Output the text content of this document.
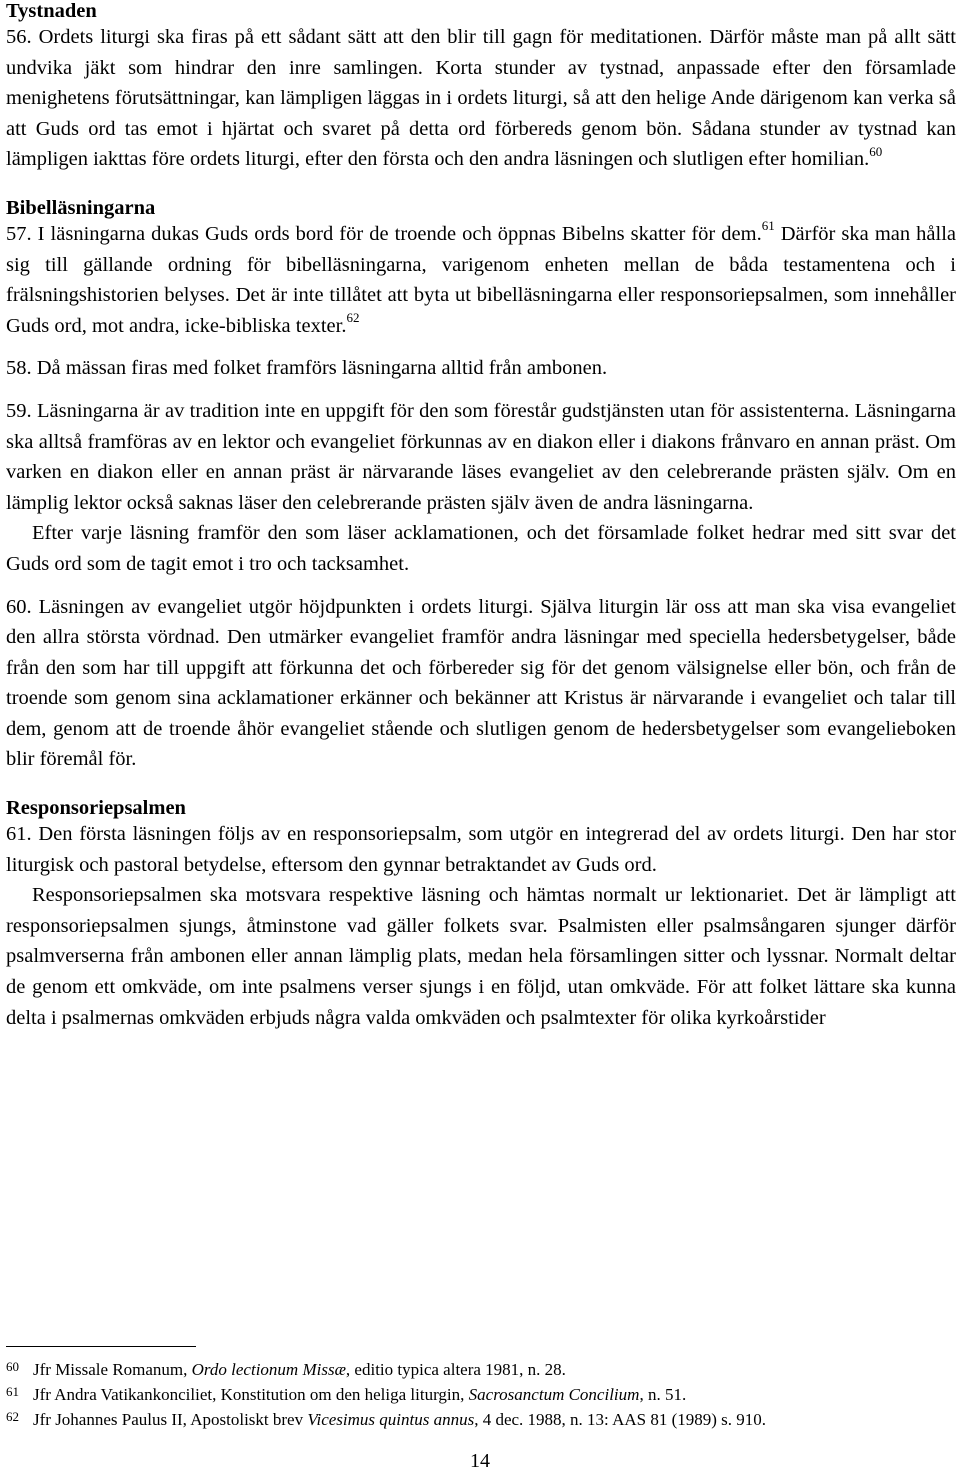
Tystnaden

56. Ordets liturgi ska firas på ett sådant sätt att den blir till gagn för meditationen. Därför måste man på allt sätt undvika jäkt som hindrar den inre samlingen. Korta stunder av tystnad, anpassade efter den församlade menighetens förutsättningar, kan lämpligen läggas in i ordets liturgi, så att den helige Ande därigenom kan verka så att Guds ord tas emot i hjärtat och svaret på detta ord förbereds genom bön. Sådana stunder av tystnad kan lämpligen iakttas före ordets liturgi, efter den första och den andra läsningen och slutligen efter homilian.$^{60}$

Bibelläsningarna

57. I läsningarna dukas Guds ords bord för de troende och öppnas Bibelns skatter för dem.$^{61}$ Därför ska man hålla sig till gällande ordning för bibelläsningarna, varigenom enheten mellan de båda testamentena och i frälsningshistorien belyses. Det är inte tillåtet att byta ut bibelläsningarna eller responsoriepsalmen, som innehåller Guds ord, mot andra, icke-bibliska texter.$^{62}$

58. Då mässan firas med folket framförs läsningarna alltid från ambonen.

59. Läsningarna är av tradition inte en uppgift för den som förestår gudstjänsten utan för assistenterna. Läsningarna ska alltså framföras av en lektor och evangeliet förkunnas av en diakon eller i diakons frånvaro en annan präst. Om varken en diakon eller en annan präst är närvarande läses evangeliet av den celebrerande prästen själv. Om en lämplig lektor också saknas läser den celebrerande prästen själv även de andra läsningarna.

Efter varje läsning framför den som läser acklamationen, och det församlade folket hedrar med sitt svar det Guds ord som de tagit emot i tro och tacksamhet.

60. Läsningen av evangeliet utgör höjdpunkten i ordets liturgi. Själva liturgin lär oss att man ska visa evangeliet den allra största vördnad. Den utmärker evangeliet framför andra läsningar med speciella hedersbetygelser, både från den som har till uppgift att förkunna det och förbereder sig för det genom välsignelse eller bön, och från de troende som genom sina acklamationer erkänner och bekänner att Kristus är närvarande i evangeliet och talar till dem, genom att de troende åhör evangeliet stående och slutligen genom de hedersbetygelser som evangelieboken blir föremål för.

Responsoriepsalmen

61. Den första läsningen följs av en responsoriepsalm, som utgör en integrerad del av ordets liturgi. Den har stor liturgisk och pastoral betydelse, eftersom den gynnar betraktandet av Guds ord.

Responsoriepsalmen ska motsvara respektive läsning och hämtas normalt ur lektionariet. Det är lämpligt att responsoriepsalmen sjungs, åtminstone vad gäller folkets svar. Psalmisten eller psalmsångaren sjunger därför psalmverserna från ambonen eller annan lämplig plats, medan hela församlingen sitter och lyssnar. Normalt deltar de genom ett omkväde, om inte psalmens verser sjungs i en följd, utan omkväde. För att folket lättare ska kunna delta i psalmernas omkväden erbjuds några valda omkväden och psalmtexter för olika kyrkoårstider

60 Jfr Missale Romanum, Ordo lectionum Missæ, editio typica altera 1981, n. 28.
61 Jfr Andra Vatikankonciliet, Konstitution om den heliga liturgin, Sacrosanctum Concilium, n. 51.
62 Jfr Johannes Paulus II, Apostoliskt brev Vicesimus quintus annus, 4 dec. 1988, n. 13: AAS 81 (1989) s. 910.
14
